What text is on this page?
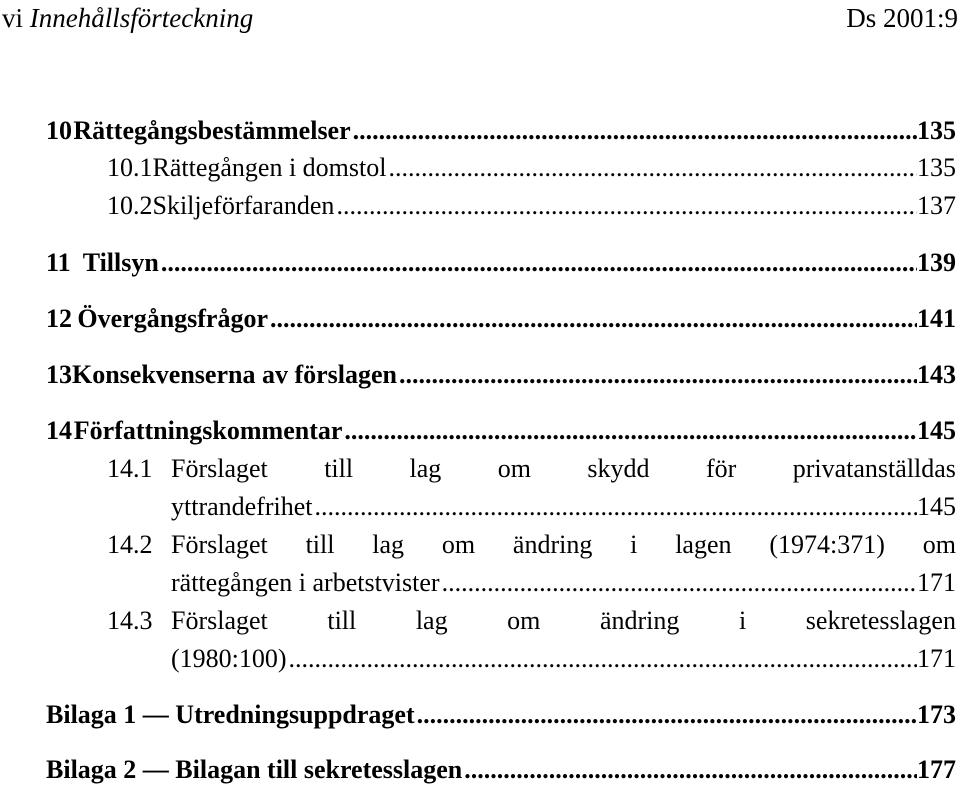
vi Innehållsförteckning	Ds 2001:9
10 Rättegångsbestämmelser .....	135
10.1 Rättegången i domstol .....	135
10.2 Skiljeförfaranden .....	137
11 Tillsyn .....	139
12 Övergångsfrågor .....	141
13 Konsekvenserna av förslagen .....	143
14 Författningskommentar .....	145
14.1 Förslaget till lag om skydd för privatanställdas
yttrandefrihet .....	145
14.2 Förslaget till lag om ändring i lagen (1974:371) om
rättegången i arbetstvister .....	171
14.3 Förslaget till lag om ändring i sekretesslagen
(1980:100) .....	171
Bilaga 1 — Utredningsuppdraget .....	173
Bilaga 2 — Bilagan till sekretesslagen .....	177
